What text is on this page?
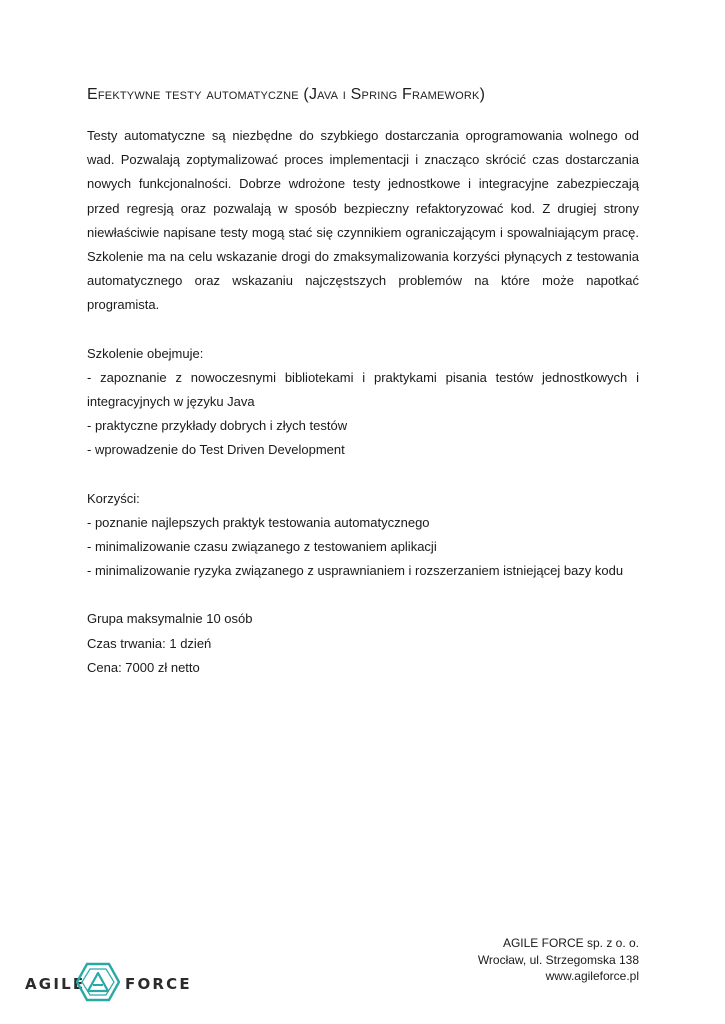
Efektywne testy automatyczne (Java i Spring Framework)

Testy automatyczne są niezbędne do szybkiego dostarczania oprogramowania wolnego od wad. Pozwalają zoptymalizować proces implementacji i znacząco skrócić czas dostarczania nowych funkcjonalności. Dobrze wdrożone testy jednostkowe i integracyjne zabezpieczają przed regresją oraz pozwalają w sposób bezpieczny refaktoryzować kod. Z drugiej strony niewłaściwie napisane testy mogą stać się czynnikiem ograniczającym i spowalniającym pracę. Szkolenie ma na celu wskazanie drogi do zmaksymalizowania korzyści płynących z testowania automatycznego oraz wskazaniu najczęstszych problemów na które może napotkać programista.

Szkolenie obejmuje:

- zapoznanie z nowoczesnymi bibliotekami i praktykami pisania testów jednostkowych i integracyjnych w języku Java

- praktyczne przykłady dobrych i złych testów

- wprowadzenie do Test Driven Development

Korzyści:

- poznanie najlepszych praktyk testowania automatycznego

- minimalizowanie czasu związanego z testowaniem aplikacji

- minimalizowanie ryzyka związanego z usprawnianiem i rozszerzaniem istniejącej bazy kodu

Grupa maksymalnie 10 osób

Czas trwania: 1 dzień

Cena: 7000 zł netto

AGILE	FORCE
AGILE FORCE sp. z o. o.
Wrocław, ul. Strzegomska 138
www.agileforce.pl
